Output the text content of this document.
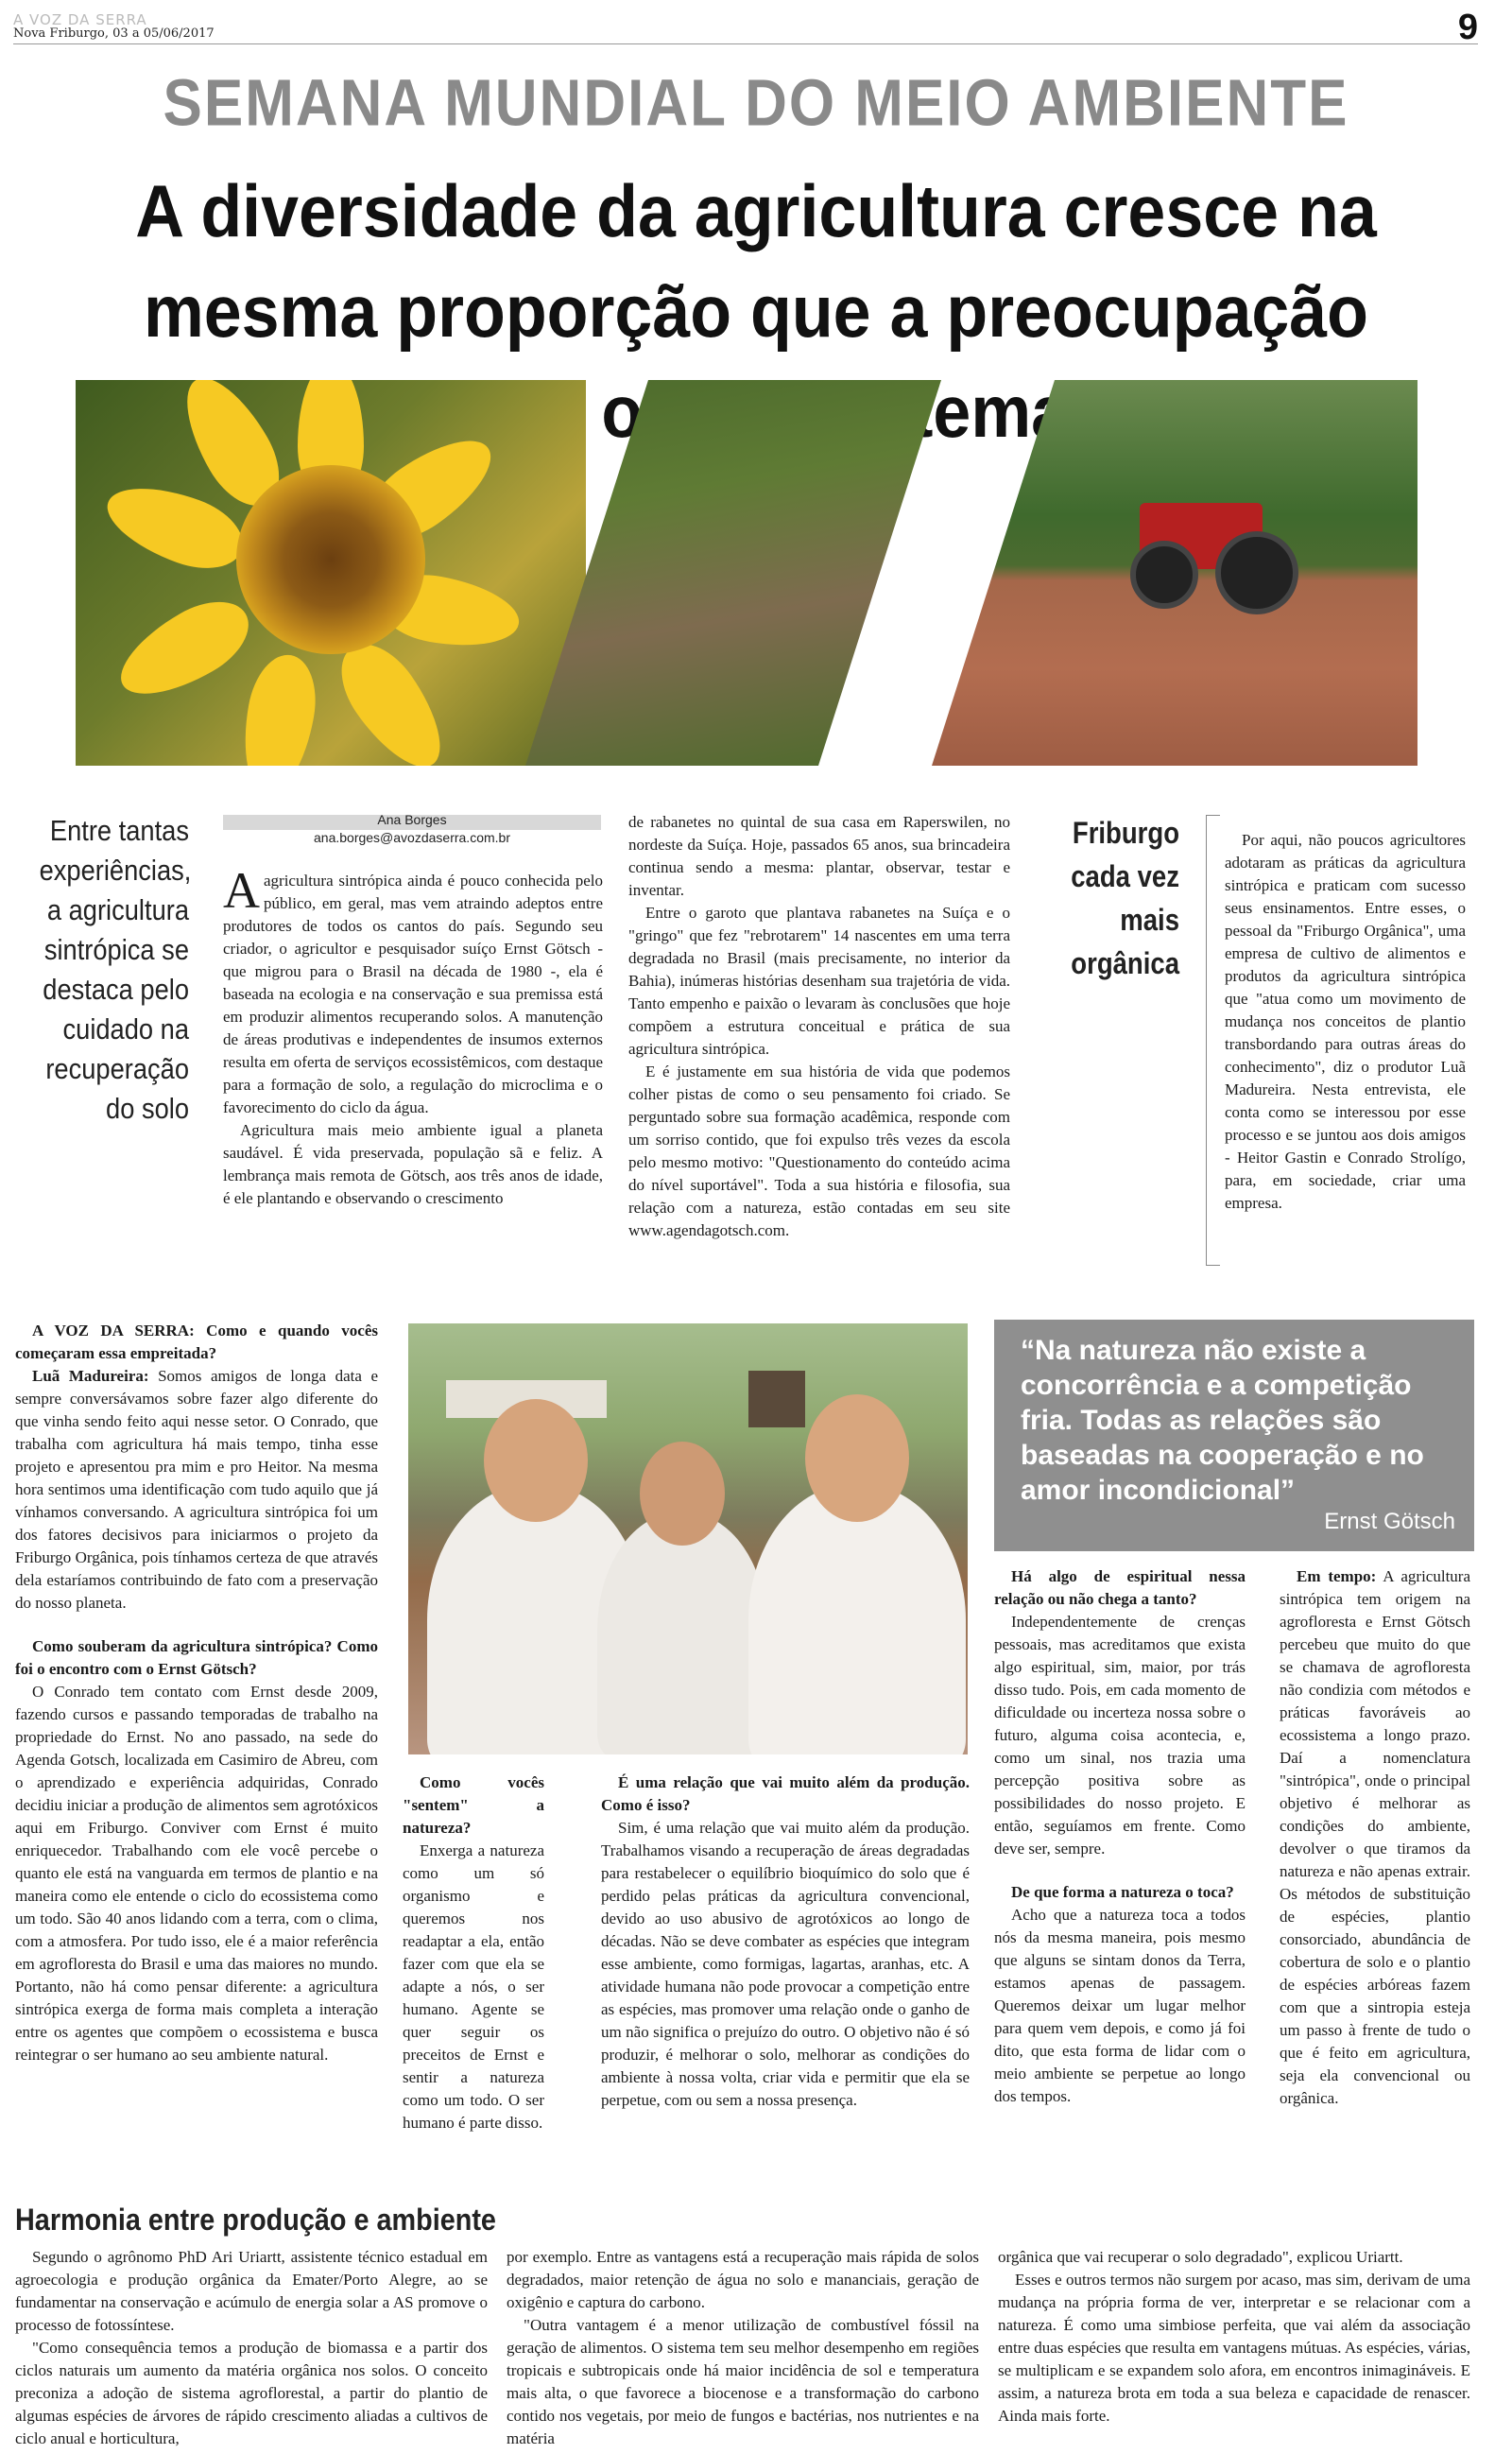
A VOZ DA SERRA
Nova Friburgo, 03 a 05/06/2017	9
SEMANA MUNDIAL DO MEIO AMBIENTE
A diversidade da agricultura cresce na mesma proporção que a preocupação o
Entre tantas experiências, a agricultura sintrópica se destaca pelo cuidado na recuperação do solo
Ana Borges
ana.borges@avozdaserra.com.br

Aagricultura sintrópica ainda é pouco conhecida pelo público, em geral, mas vem atraindo adeptos entre produtores de todos os cantos do país. Segundo seu criador, o agricultor e pesquisador suíço Ernst Götsch - que migrou para o Brasil na década de 1980 -, ela é baseada na ecologia e na conservação e sua premissa está em produzir alimentos recuperando solos. A manutenção de áreas produtivas e independentes de insumos externos resulta em oferta de serviços ecossistêmicos, com destaque para a formação de solo, a regulação do microclima e o favorecimento do ciclo da água.

Agricultura mais meio ambiente igual a planeta saudável. É vida preservada, população sã e feliz. A lembrança mais remota de Götsch, aos três anos de idade, é ele plantando e observando o crescimento

de rabanetes no quintal de sua casa em Raperswilen, no nordeste da Suíça. Hoje, passados 65 anos, sua brincadeira continua sendo a mesma: plantar, observar, testar e inventar.

Entre o garoto que plantava rabanetes na Suíça e o "gringo" que fez "rebrotarem" 14 nascentes em uma terra degradada no Brasil (mais precisamente, no interior da Bahia), inúmeras histórias desenham sua trajetória de vida. Tanto empenho e paixão o levaram às conclusões que hoje compõem a estrutura conceitual e prática de sua agricultura sintrópica.

E é justamente em sua história de vida que podemos colher pistas de como o seu pensamento foi criado. Se perguntado sobre sua formação acadêmica, responde com um sorriso contido, que foi expulso três vezes da escola pelo mesmo motivo: "Questionamento do conteúdo acima do nível suportável". Toda a sua história e filosofia, sua relação com a natureza, estão contadas em seu site www.agendagotsch.com.

Friburgo cada vez mais orgânica

Por aqui, não poucos agricultores adotaram as práticas da agricultura sintrópica e praticam com sucesso seus ensinamentos. Entre esses, o pessoal da "Friburgo Orgânica", uma empresa de cultivo de alimentos e produtos da agricultura sintrópica que "atua como um movimento de mudança nos conceitos de plantio transbordando para outras áreas do conhecimento", diz o produtor Luã Madureira. Nesta entrevista, ele conta como se interessou por esse processo e se juntou aos dois amigos - Heitor Gastin e Conrado Strolígo, para, em sociedade, criar uma empresa.

A VOZ DA SERRA: Como e quando vocês começaram essa empreitada?

Luã Madureira: Somos amigos de longa data e sempre conversávamos sobre fazer algo diferente do que vinha sendo feito aqui nesse setor. O Conrado, que trabalha com agricultura há mais tempo, tinha esse projeto e apresentou pra mim e pro Heitor. Na mesma hora sentimos uma identificação com tudo aquilo que já vínhamos conversando. A agricultura sintrópica foi um dos fatores decisivos para iniciarmos o projeto da Friburgo Orgânica, pois tínhamos certeza de que através dela estaríamos contribuindo de fato com a preservação do nosso planeta.

Como souberam da agricultura sintrópica? Como foi o encontro com o Ernst Götsch?

O Conrado tem contato com Ernst desde 2009, fazendo cursos e passando temporadas de trabalho na propriedade do Ernst. No ano passado, na sede do Agenda Gotsch, localizada em Casimiro de Abreu, com o aprendizado e experiência adquiridas, Conrado decidiu iniciar a produção de alimentos sem agrotóxicos aqui em Friburgo. Conviver com Ernst é muito enriquecedor. Trabalhando com ele você percebe o quanto ele está na vanguarda em termos de plantio e na maneira como ele entende o ciclo do ecossistema como um todo. São 40 anos lidando com a terra, com o clima, com a atmosfera. Por tudo isso, ele é a maior referência em agrofloresta do Brasil e uma das maiores no mundo. Portanto, não há como pensar diferente: a agricultura sintrópica exerga de forma mais completa a interação entre os agentes que compõem o ecossistema e busca reintegrar o ser humano ao seu ambiente natural.

“Na natureza não existe a concorrência e a competição fria. Todas as relações são baseadas na cooperação e no amor incondicional”
Ernst Götsch

Como vocês "sentem" a natureza?

Enxerga a natureza como um só organismo e queremos nos readaptar a ela, então fazer com que ela se adapte a nós, o ser humano. Agente se quer seguir os preceitos de Ernst e sentir a natureza como um todo. O ser humano é parte disso.

É uma relação que vai muito além da produção. Como é isso?

Sim, é uma relação que vai muito além da produção. Trabalhamos visando a recuperação de áreas degradadas para restabelecer o equilíbrio bioquímico do solo que é perdido pelas práticas da agricultura convencional, devido ao uso abusivo de agrotóxicos ao longo de décadas. Não se deve combater as espécies que integram esse ambiente, como formigas, lagartas, aranhas, etc. A atividade humana não pode provocar a competição entre as espécies, mas promover uma relação onde o ganho de um não significa o prejuízo do outro. O objetivo não é só produzir, é melhorar o solo, melhorar as condições do ambiente à nossa volta, criar vida e permitir que ela se perpetue, com ou sem a nossa presença.

Há algo de espiritual nessa relação ou não chega a tanto?

Independentemente de crenças pessoais, mas acreditamos que exista algo espiritual, sim, maior, por trás disso tudo. Pois, em cada momento de dificuldade ou incerteza nossa sobre o futuro, alguma coisa acontecia, e, como um sinal, nos trazia uma percepção positiva sobre as possibilidades do nosso projeto. E então, seguíamos em frente. Como deve ser, sempre.

De que forma a natureza o toca?

Acho que a natureza toca a todos nós da mesma maneira, pois mesmo que alguns se sintam donos da Terra, estamos apenas de passagem. Queremos deixar um lugar melhor para quem vem depois, e como já foi dito, que esta forma de lidar com o meio ambiente se perpetue ao longo dos tempos.

Em tempo: A agricultura sintrópica tem origem na agrofloresta e Ernst Götsch percebeu que muito do que se chamava de agrofloresta não condizia com métodos e práticas favoráveis ao ecossistema a longo prazo. Daí a nomenclatura "sintrópica", onde o principal objetivo é melhorar as condições do ambiente, devolver o que tiramos da natureza e não apenas extrair. Os métodos de substituição de espécies, plantio consorciado, abundância de cobertura de solo e o plantio de espécies arbóreas fazem com que a sintropia esteja um passo à frente de tudo o que é feito em agricultura, seja ela convencional ou orgânica.

Harmonia entre produção e ambiente

Segundo o agrônomo PhD Ari Uriartt, assistente técnico estadual em agroecologia e produção orgânica da Emater/Porto Alegre, ao se fundamentar na conservação e acúmulo de energia solar a AS promove o processo de fotossíntese.

"Como consequência temos a produção de biomassa e a partir dos ciclos naturais um aumento da matéria orgânica nos solos. O conceito preconiza a adoção de sistema agroflorestal, a partir do plantio de algumas espécies de árvores de rápido crescimento aliadas a cultivos de ciclo anual e horticultura,

por exemplo. Entre as vantagens está a recuperação mais rápida de solos degradados, maior retenção de água no solo e mananciais, geração de oxigênio e captura do carbono.

"Outra vantagem é a menor utilização de combustível fóssil na geração de alimentos. O sistema tem seu melhor desempenho em regiões tropicais e subtropicais onde há maior incidência de sol e temperatura mais alta, o que favorece a biocenose e a transformação do carbono contido nos vegetais, por meio de fungos e bactérias, nos nutrientes e na matéria

orgânica que vai recuperar o solo degradado", explicou Uriartt.

Esses e outros termos não surgem por acaso, mas sim, derivam de uma mudança na própria forma de ver, interpretar e se relacionar com a natureza. É como uma simbiose perfeita, que vai além da associação entre duas espécies que resulta em vantagens mútuas. As espécies, várias, se multiplicam e se expandem solo afora, em encontros inimagináveis. E assim, a natureza brota em toda a sua beleza e capacidade de renascer. Ainda mais forte.
